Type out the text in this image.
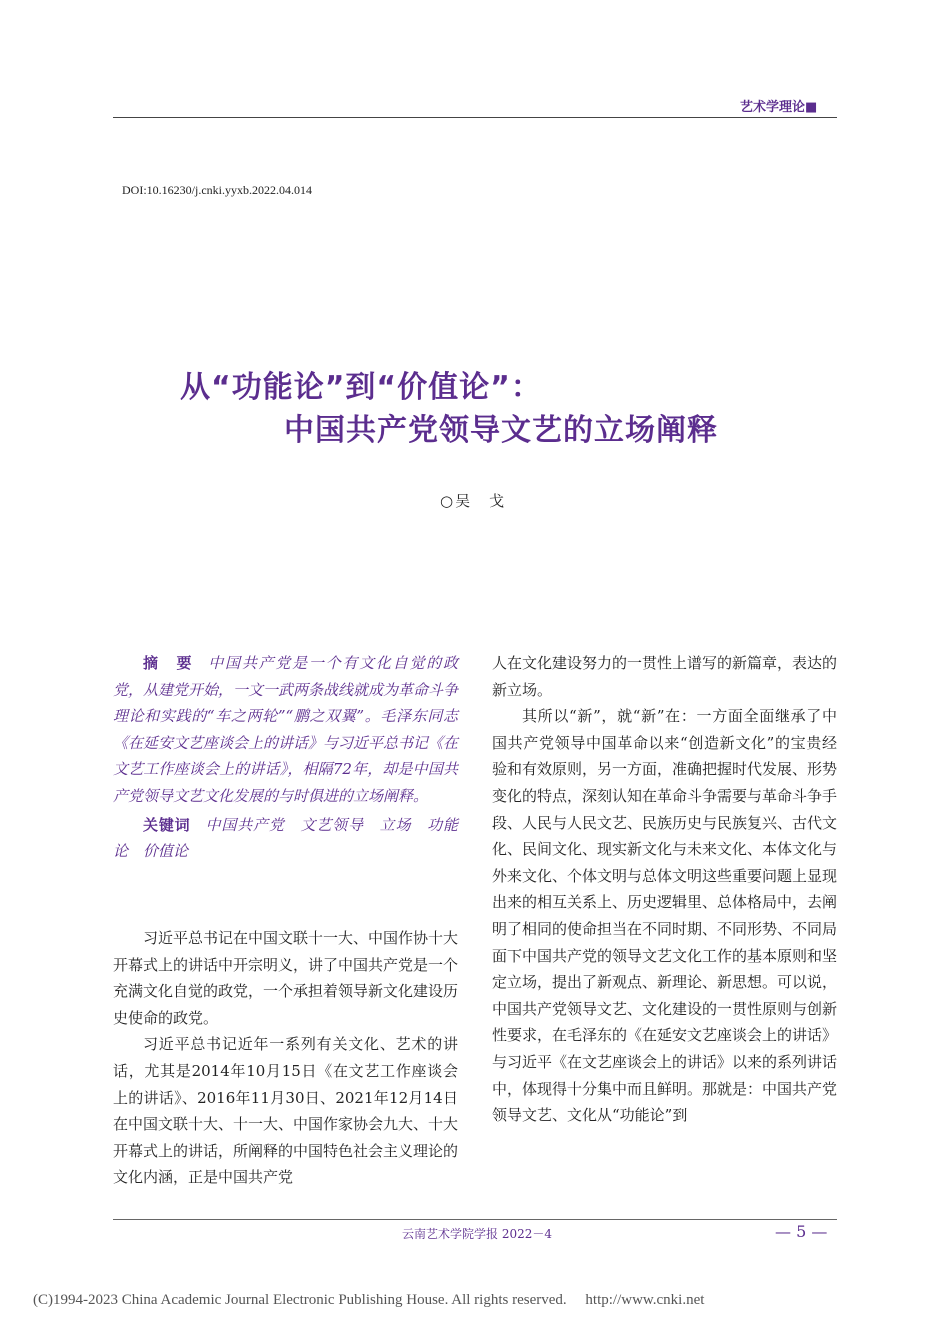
艺术学理论■
DOI:10.16230/j.cnki.yyxb.2022.04.014
从“功能论”到“价值论”：
中国共产党领导文艺的立场阐释
○吴　戈

摘　要 中国共产党是一个有文化自觉的政党，从建党开始，一文一武两条战线就成为革命斗争理论和实践的“车之两轮”“鹏之双翼”。毛泽东同志《在延安文艺座谈会上的讲话》与习近平总书记《在文艺工作座谈会上的讲话》，相隔72年，却是中国共产党领导文艺文化发展的与时俱进的立场阐释。

关键词 中国共产党　文艺领导　立场　功能论　价值论

习近平总书记在中国文联十一大、中国作协十大开幕式上的讲话中开宗明义，讲了中国共产党是一个充满文化自觉的政党，一个承担着领导新文化建设历史使命的政党。

习近平总书记近年一系列有关文化、艺术的讲话，尤其是2014年10月15日《在文艺工作座谈会上的讲话》、2016年11月30日、2021年12月14日在中国文联十大、十一大、中国作家协会九大、十大开幕式上的讲话，所阐释的中国特色社会主义理论的文化内涵，正是中国共产党

人在文化建设努力的一贯性上谱写的新篇章，表达的新立场。

其所以“新”，就“新”在：一方面全面继承了中国共产党领导中国革命以来“创造新文化”的宝贵经验和有效原则，另一方面，准确把握时代发展、形势变化的特点，深刻认知在革命斗争需要与革命斗争手段、人民与人民文艺、民族历史与民族复兴、古代文化、民间文化、现实新文化与未来文化、本体文化与外来文化、个体文明与总体文明这些重要问题上显现出来的相互关系上、历史逻辑里、总体格局中，去阐明了相同的使命担当在不同时期、不同形势、不同局面下中国共产党的领导文艺文化工作的基本原则和坚定立场，提出了新观点、新理论、新思想。可以说，中国共产党领导文艺、文化建设的一贯性原则与创新性要求，在毛泽东的《在延安文艺座谈会上的讲话》与习近平《在文艺座谈会上的讲话》以来的系列讲话中，体现得十分集中而且鲜明。那就是：中国共产党领导文艺、文化从“功能论”到

云南艺术学院学报 2022－4	— 5 —
(C)1994-2023 China Academic Journal Electronic Publishing House. All rights reserved.　 http://www.cnki.net
